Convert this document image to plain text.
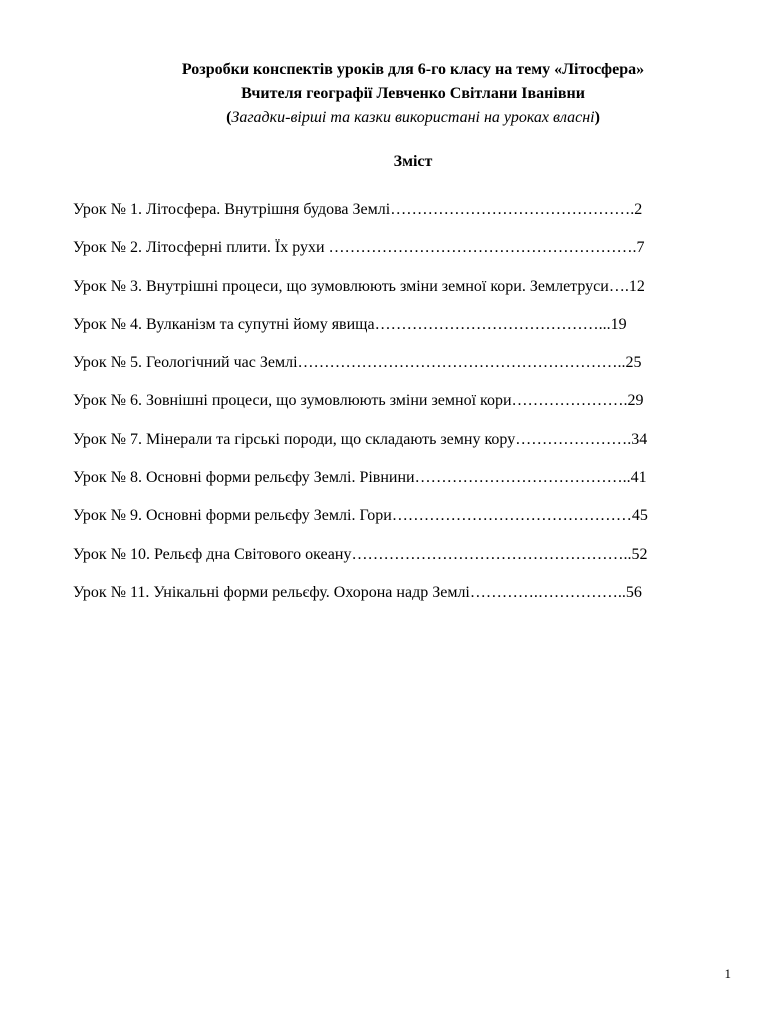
Розробки конспектів уроків для 6-го класу на тему «Літосфера»
Вчителя географії Левченко Світлани Іванівни
(Загадки-вірші та казки використані на уроках власні)
Зміст
Урок № 1. Літосфера. Внутрішня будова Землі……………………………………….2
Урок № 2. Літосферні плити. Їх рухи ………………………………………………….7
Урок № 3. Внутрішні процеси, що зумовлюють зміни земної кори. Землетруси….12
Урок № 4. Вулканізм та супутні йому явища……………………………………...19
Урок № 5. Геологічний час Землі……………………………………………………..25
Урок № 6. Зовнішні процеси, що зумовлюють зміни земної кори………………….29
Урок № 7. Мінерали та гірські породи, що складають земну кору………………….34
Урок № 8. Основні форми рельєфу Землі. Рівнини…………………………………..41
Урок № 9. Основні форми рельєфу Землі. Гори………………………………………45
Урок № 10. Рельєф дна Світового океану……………………………………………..52
Урок № 11. Унікальні форми рельєфу. Охорона надр Землі………….……………..56
1
